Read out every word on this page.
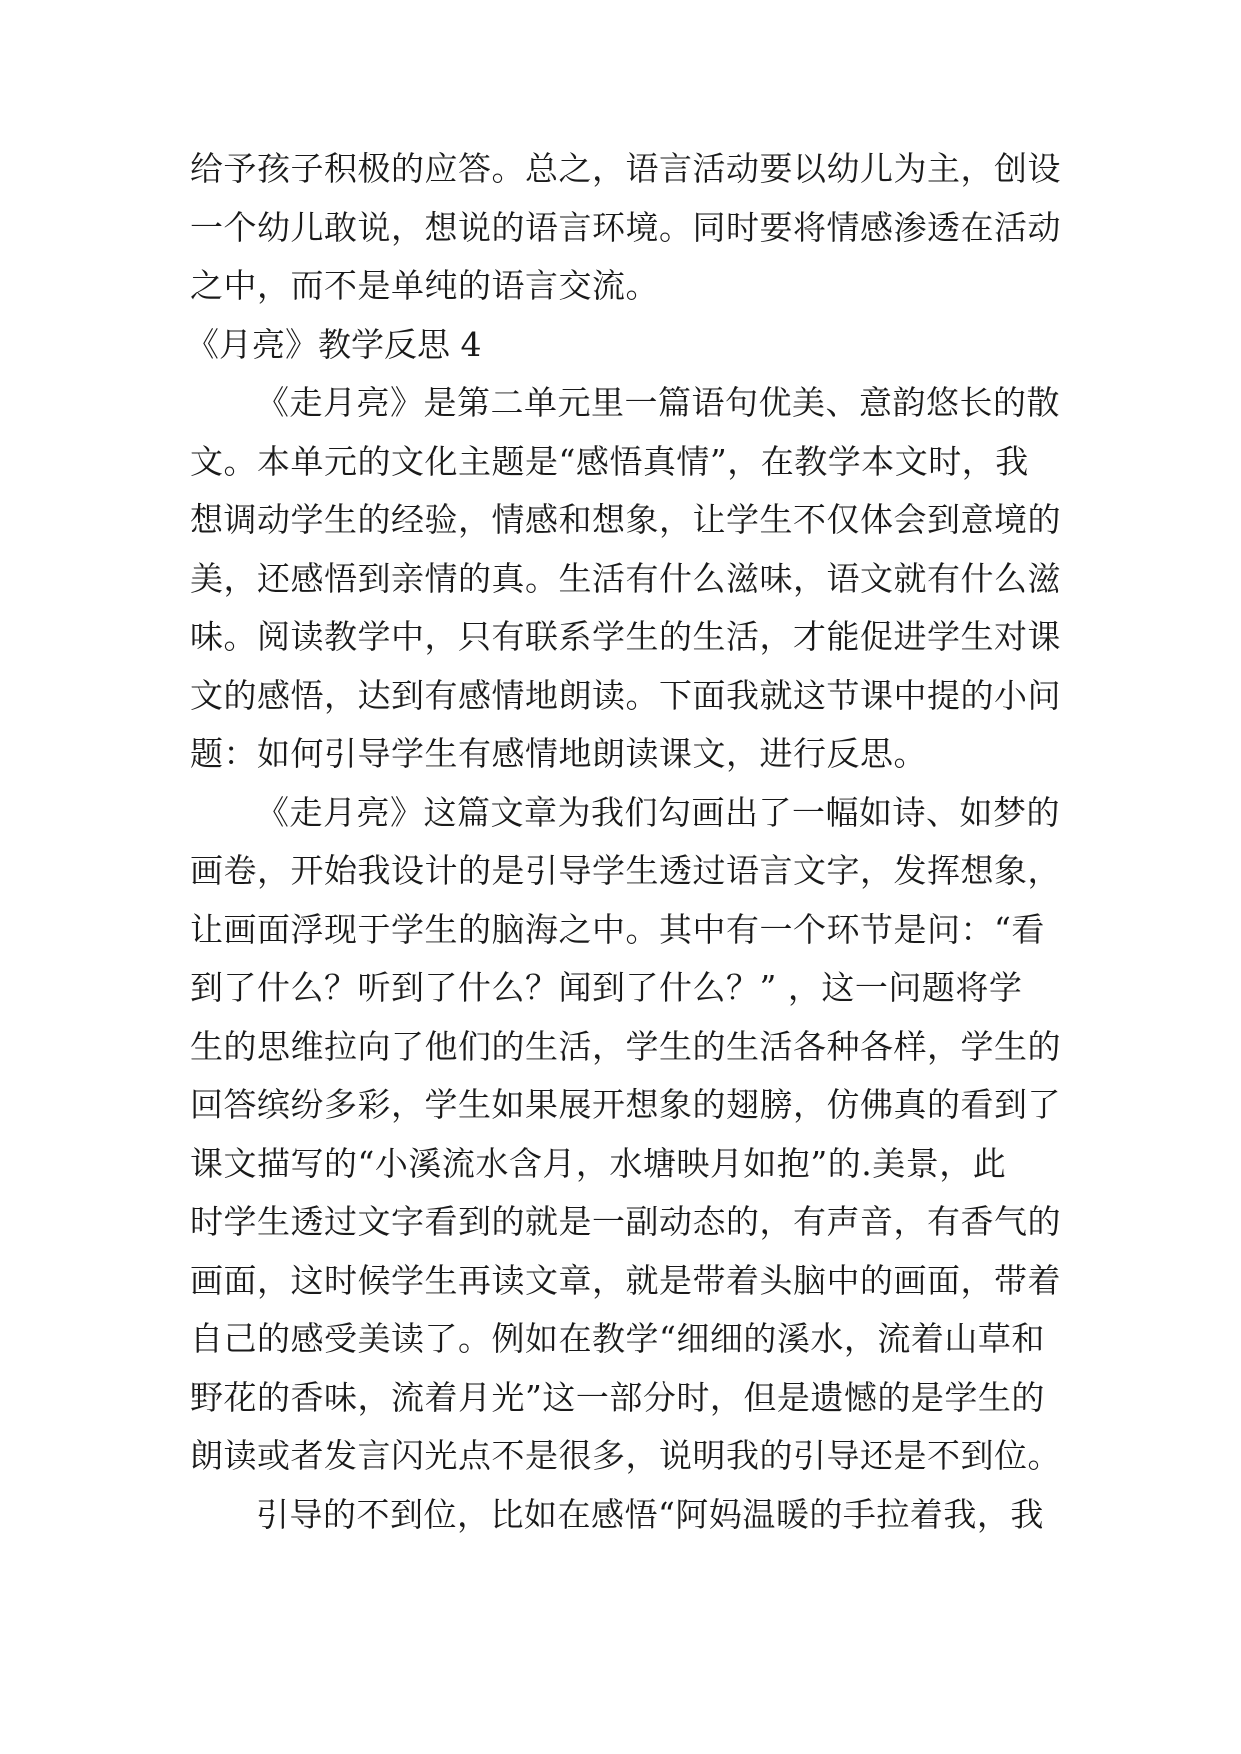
给予孩子积极的应答。总之，语言活动要以幼儿为主，创设
一个幼儿敢说，想说的语言环境。同时要将情感渗透在活动
之中，而不是单纯的语言交流。
《月亮》教学反思 4
《走月亮》是第二单元里一篇语句优美、意韵悠长的散
文。本单元的文化主题是“感悟真情”，在教学本文时，我
想调动学生的经验，情感和想象，让学生不仅体会到意境的
美，还感悟到亲情的真。生活有什么滋味，语文就有什么滋
味。阅读教学中，只有联系学生的生活，才能促进学生对课
文的感悟，达到有感情地朗读。下面我就这节课中提的小问
题：如何引导学生有感情地朗读课文，进行反思。
《走月亮》这篇文章为我们勾画出了一幅如诗、如梦的
画卷，开始我设计的是引导学生透过语言文字，发挥想象，
让画面浮现于学生的脑海之中。其中有一个环节是问：“看
到了什么？听到了什么？闻到了什么？” ，这一问题将学
生的思维拉向了他们的生活，学生的生活各种各样，学生的
回答缤纷多彩，学生如果展开想象的翅膀，仿佛真的看到了
课文描写的“小溪流水含月，水塘映月如抱”的.美景，此
时学生透过文字看到的就是一副动态的，有声音，有香气的
画面，这时候学生再读文章，就是带着头脑中的画面，带着
自己的感受美读了。例如在教学“细细的溪水，流着山草和
野花的香味，流着月光”这一部分时，但是遗憾的是学生的
朗读或者发言闪光点不是很多，说明我的引导还是不到位。
引导的不到位，比如在感悟“阿妈温暖的手拉着我，我
